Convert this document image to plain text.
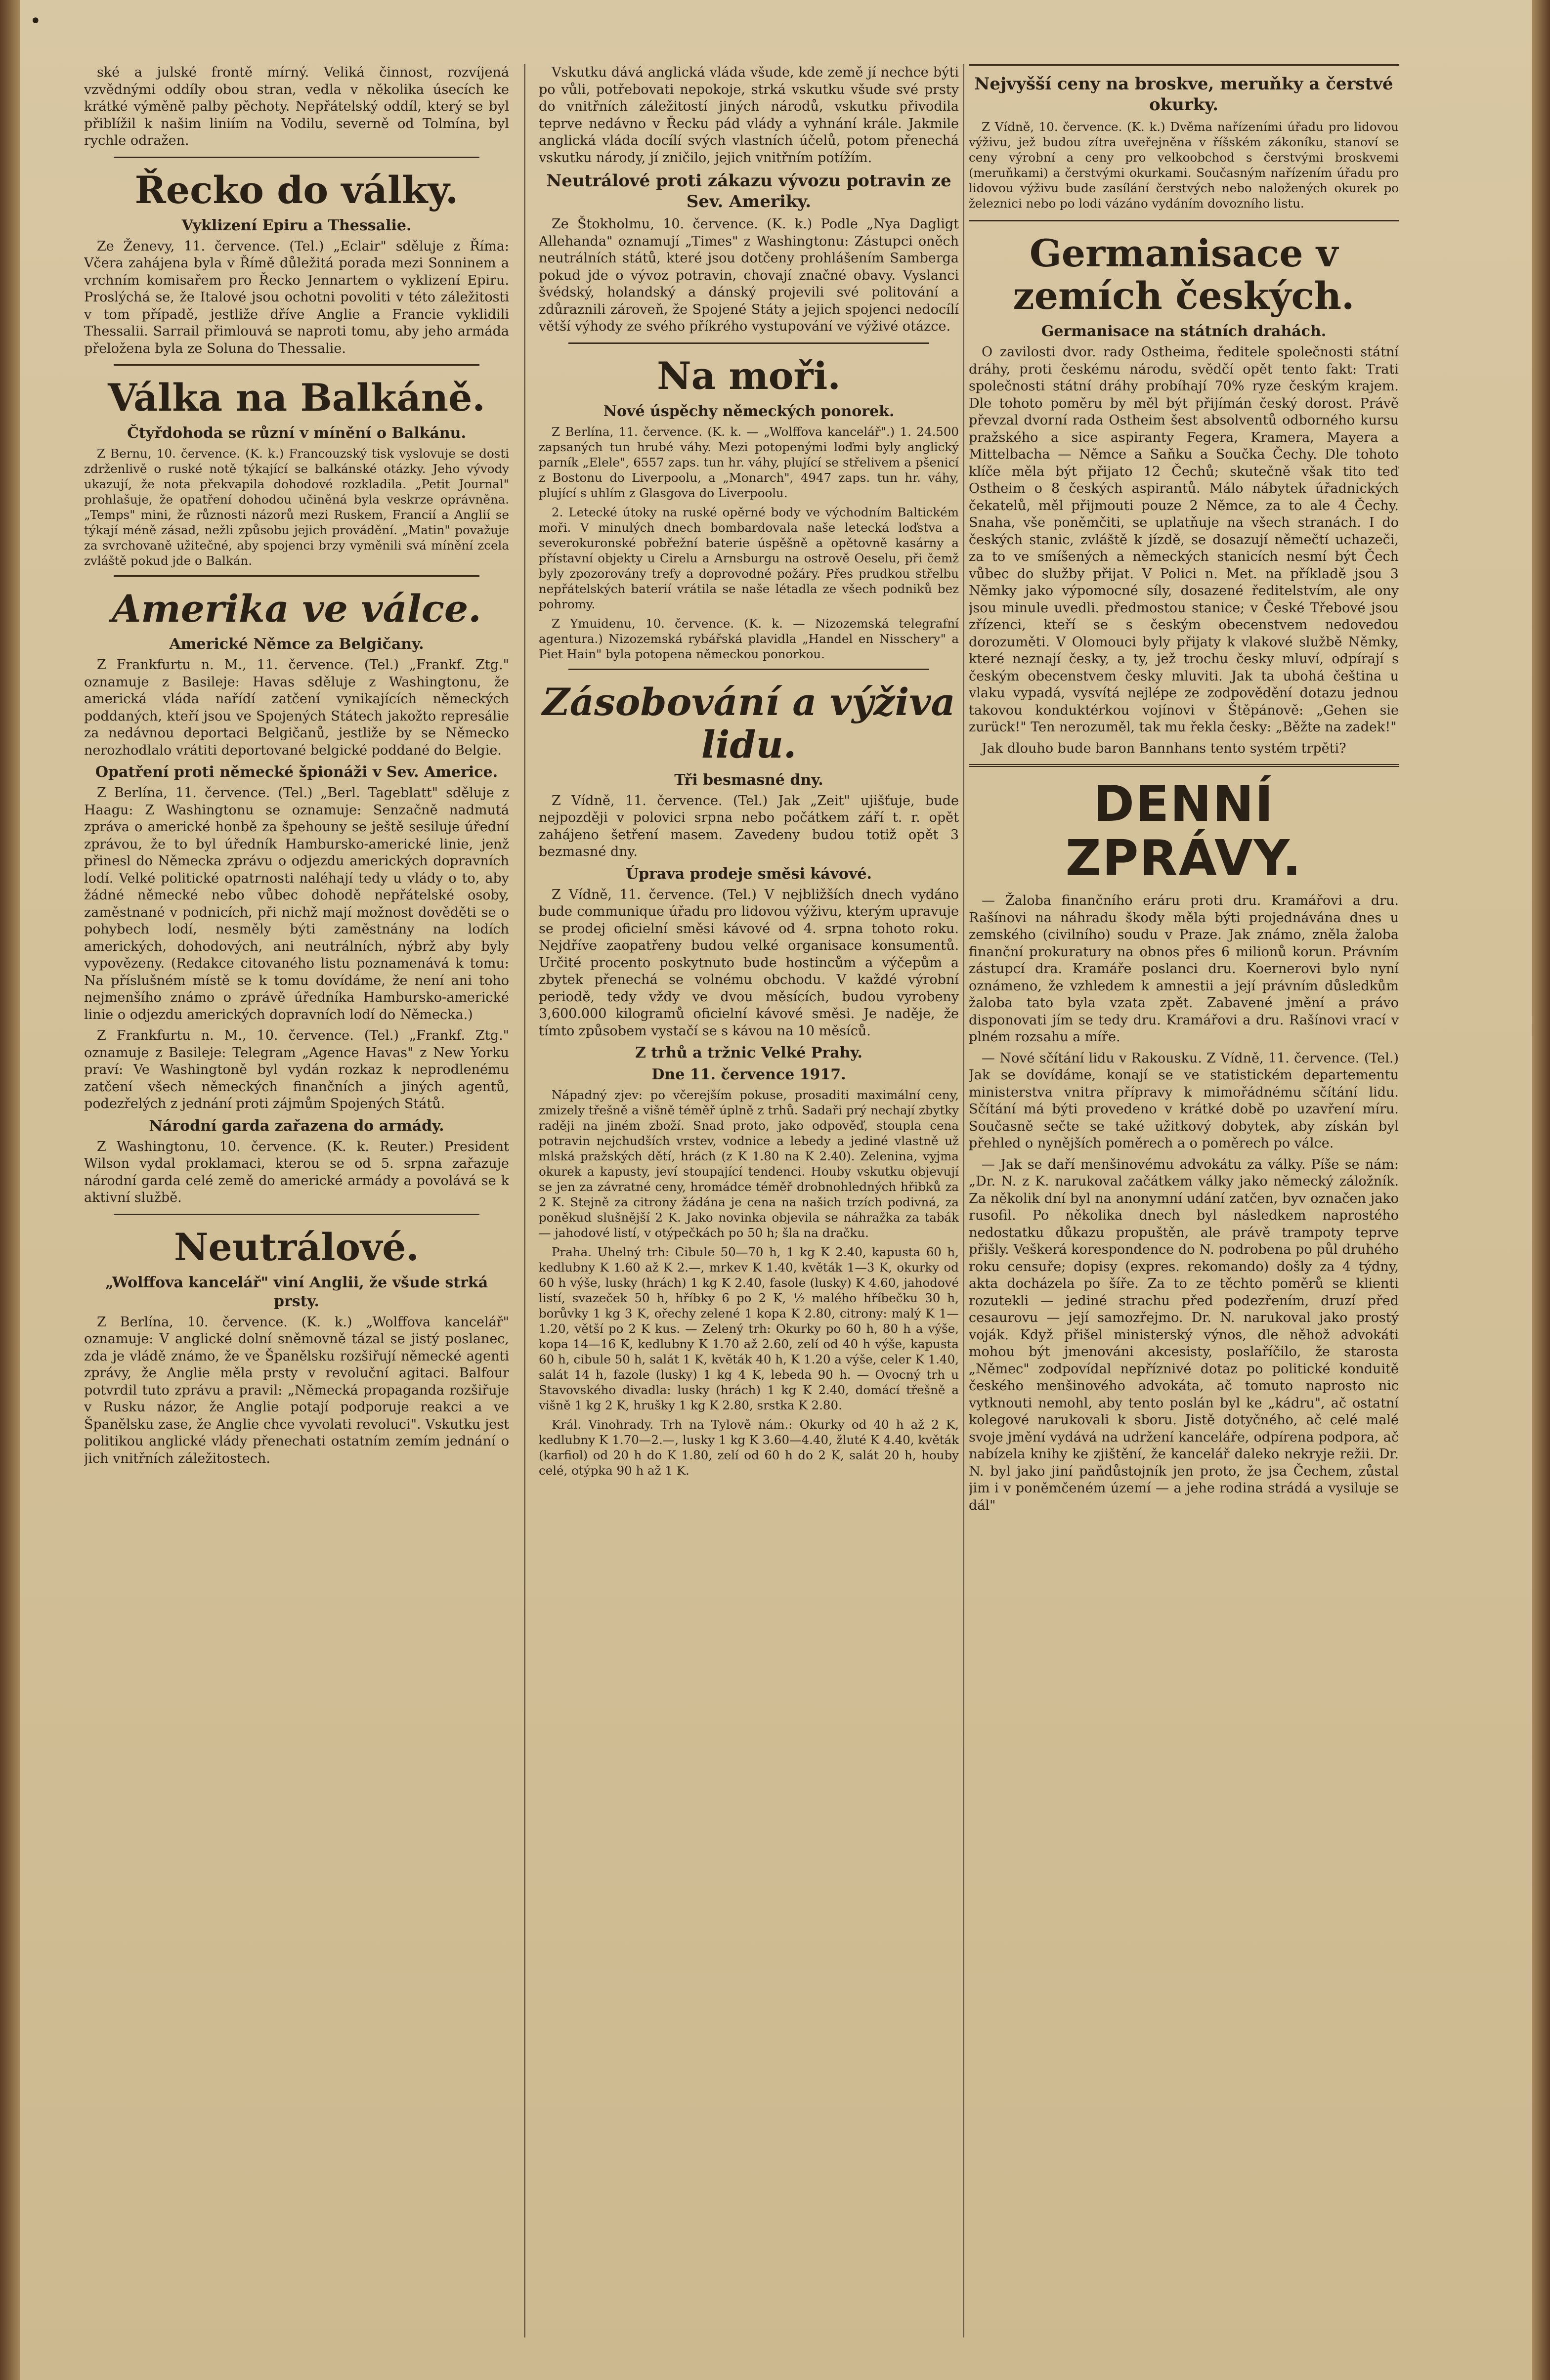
•

ské a julské frontě mírný. Veliká činnost, rozvíjená vzvědnými oddíly obou stran, vedla v několika úsecích ke krátké výměně palby pěchoty. Nepřátelský oddíl, který se byl přiblížil k našim liniím na Vodilu, severně od Tolmína, byl rychle odražen.

Řecko do války.
Vyklizení Epiru a Thessalie.

Ze Ženevy, 11. července. (Tel.) „Eclair" sděluje z Říma: Včera zahájena byla v Římě důležitá porada mezi Sonninem a vrchním komisařem pro Řecko Jennartem o vyklizení Epiru. Proslýchá se, že Italové jsou ochotni povoliti v této záležitosti v tom případě, jestliže dříve Anglie a Francie vyklidili Thessalii. Sarrail přimlouvá se naproti tomu, aby jeho armáda přeložena byla ze Soluna do Thessalie.

Válka na Balkáně.
Čtyřdohoda se různí v mínění o Balkánu.

Z Bernu, 10. července. (K. k.) Francouzský tisk vyslovuje se dosti zdrženlivě o ruské notě týkající se balkánské otázky. Jeho vývody ukazují, že nota překvapila dohodové rozkladila. „Petit Journal" prohlašuje, že opatření dohodou učiněná byla veskrze oprávněna. „Temps" mini, že různosti názorů mezi Ruskem, Francií a Anglií se týkají méně zásad, nežli způsobu jejich provádění. „Matin" považuje za svrchovaně užitečné, aby spojenci brzy vyměnili svá mínění zcela zvláště pokud jde o Balkán.

Amerika ve válce.
Americké Němce za Belgičany.

Z Frankfurtu n. M., 11. července. (Tel.) „Frankf. Ztg." oznamuje z Basileje: Havas sděluje z Washingtonu, že americká vláda nařídí zatčení vynikajících německých poddaných, kteří jsou ve Spojených Státech jakožto represálie za nedávnou deportaci Belgičanů, jestliže by se Německo nerozhodlalo vrátiti deportované belgické poddané do Belgie.

Opatření proti německé špionáži v Sev. Americe.

Z Berlína, 11. července. (Tel.) „Berl. Tageblatt" sděluje z Haagu: Z Washingtonu se oznamuje: Senzačně nadmutá zpráva o americké honbě za špehouny se ještě sesiluje úřední zprávou, že to byl úředník Hambursko-americké linie, jenž přinesl do Německa zprávu o odjezdu amerických dopravních lodí. Velké politické opatrnosti naléhají tedy u vlády o to, aby žádné německé nebo vůbec dohodě nepřátelské osoby, zaměstnané v podnicích, při nichž mají možnost dověděti se o pohybech lodí, nesměly býti zaměstnány na lodích amerických, dohodových, ani neutrálních, nýbrž aby byly vypovězeny. (Redakce citovaného listu poznamenává k tomu: Na příslušném místě se k tomu dovídáme, že není ani toho nejmenšího známo o zprávě úředníka Hambursko-americké linie o odjezdu amerických dopravních lodí do Německa.)

Z Frankfurtu n. M., 10. července. (Tel.) „Frankf. Ztg." oznamuje z Basileje: Telegram „Agence Havas" z New Yorku praví: Ve Washingtoně byl vydán rozkaz k neprodlenému zatčení všech německých finančních a jiných agentů, podezřelých z jednání proti zájmům Spojených Států.

Národní garda zařazena do armády.

Z Washingtonu, 10. července. (K. k. Reuter.) President Wilson vydal proklamaci, kterou se od 5. srpna zařazuje národní garda celé země do americké armády a povolává se k aktivní službě.

Neutrálové.
„Wolffova kancelář" viní Anglii, že všude strká prsty.

Z Berlína, 10. července. (K. k.) „Wolffova kancelář" oznamuje: V anglické dolní sněmovně tázal se jistý poslanec, zda je vládě známo, že ve Španělsku rozšiřují německé agenti zprávy, že Anglie měla prsty v revoluční agitaci. Balfour potvrdil tuto zprávu a pravil: „Německá propaganda rozšiřuje v Rusku názor, že Anglie potají podporuje reakci a ve Španělsku zase, že Anglie chce vyvolati revoluci". Vskutku jest politikou anglické vlády přenechati ostatním zemím jednání o jich vnitřních záležitostech.

Vskutku dává anglická vláda všude, kde země jí nechce býti po vůli, potřebovati nepokoje, strká vskutku všude své prsty do vnitřních záležitostí jiných národů, vskutku přivodila teprve nedávno v Řecku pád vlády a vyhnání krále. Jakmile anglická vláda docílí svých vlastních účelů, potom přenechá vskutku národy, jí zničilo, jejich vnitřním potížím.

Neutrálové proti zákazu vývozu potravin ze Sev. Ameriky.

Ze Štokholmu, 10. července. (K. k.) Podle „Nya Dagligt Allehanda" oznamují „Times" z Washingtonu: Zástupci oněch neutrálních států, které jsou dotčeny prohlášením Samberga pokud jde o vývoz potravin, chovají značné obavy. Vyslanci švédský, holandský a dánský projevili své politování a zdůraznili zároveň, že Spojené Státy a jejich spojenci nedocílí větší výhody ze svého příkrého vystupování ve výživé otázce.

Na moři.
Nové úspěchy německých ponorek.

Z Berlína, 11. července. (K. k. — „Wolffova kancelář".) 1. 24.500 zapsaných tun hrubé váhy. Mezi potopenými loďmi byly anglický parník „Elele", 6557 zaps. tun hr. váhy, plující se střelivem a pšenicí z Bostonu do Liverpoolu, a „Monarch", 4947 zaps. tun hr. váhy, plující s uhlím z Glasgova do Liverpoolu.

2. Letecké útoky na ruské opěrné body ve východním Baltickém moři. V minulých dnech bombardovala naše letecká loďstva a severokuronské pobřežní baterie úspěšně a opětovně kasárny a přístavní objekty u Cirelu a Arnsburgu na ostrově Oeselu, při čemž byly zpozorovány trefy a doprovodné požáry. Přes prudkou střelbu nepřátelských baterií vrátila se naše létadla ze všech podniků bez pohromy.

Z Ymuidenu, 10. července. (K. k. — Nizozemská telegrafní agentura.) Nizozemská rybářská plavidla „Handel en Nisschery" a Piet Hain" byla potopena německou ponorkou.

Zásobování a výživa lidu.
Tři besmasné dny.

Z Vídně, 11. července. (Tel.) Jak „Zeit" ujišťuje, bude nejpozději v polovici srpna nebo počátkem září t. r. opět zahájeno šetření masem. Zavedeny budou totiž opět 3 bezmasné dny.

Úprava prodeje směsi kávové.

Z Vídně, 11. července. (Tel.) V nejbližších dnech vydáno bude communique úřadu pro lidovou výživu, kterým upravuje se prodej oficielní směsi kávové od 4. srpna tohoto roku. Nejdříve zaopatřeny budou velké organisace konsumentů. Určité procento poskytnuto bude hostincům a výčepům a zbytek přenechá se volnému obchodu. V každé výrobní periodě, tedy vždy ve dvou měsících, budou vyrobeny 3,600.000 kilogramů oficielní kávové směsi. Je naděje, že tímto způsobem vystačí se s kávou na 10 měsíců.

Z trhů a tržnic Velké Prahy.
Dne 11. července 1917.

Nápadný zjev: po včerejším pokuse, prosaditi maximální ceny, zmizely třešně a višně téměř úplně z trhů. Sadaři prý nechají zbytky raději na jiném zboží. Snad proto, jako odpověď, stoupla cena potravin nejchudších vrstev, vodnice a lebedy a jediné vlastně už mlská pražských dětí, hrách (z K 1.80 na K 2.40). Zelenina, vyjma okurek a kapusty, jeví stoupající tendenci. Houby vskutku objevují se jen za závratné ceny, hromádce téměř drobnohledných hřibků za 2 K. Stejně za citrony žádána je cena na našich trzích podivná, za poněkud slušnější 2 K. Jako novinka objevila se náhražka za tabák — jahodové listí, v otýpečkách po 50 h; šla na dračku.

Praha. Uhelný trh: Cibule 50—70 h, 1 kg K 2.40, kapusta 60 h, kedlubny K 1.60 až K 2.—, mrkev K 1.40, květák 1—3 K, okurky od 60 h výše, lusky (hrách) 1 kg K 2.40, fasole (lusky) K 4.60, jahodové listí, svazeček 50 h, hříbky 6 po 2 K, ½ malého hříbečku 30 h, borůvky 1 kg 3 K, ořechy zelené 1 kopa K 2.80, citrony: malý K 1—1.20, větší po 2 K kus. — Zelený trh: Okurky po 60 h, 80 h a výše, kopa 14—16 K, kedlubny K 1.70 až 2.60, zelí od 40 h výše, kapusta 60 h, cibule 50 h, salát 1 K, květák 40 h, K 1.20 a výše, celer K 1.40, salát 14 h, fazole (lusky) 1 kg 4 K, lebeda 90 h. — Ovocný trh u Stavovského divadla: lusky (hrách) 1 kg K 2.40, domácí třešně a višně 1 kg 2 K, hrušky 1 kg K 2.80, srstka K 2.80.

Král. Vinohrady. Trh na Tylově nám.: Okurky od 40 h až 2 K, kedlubny K 1.70—2.—, lusky 1 kg K 3.60—4.40, žluté K 4.40, květák (karfiol) od 20 h do K 1.80, zelí od 60 h do 2 K, salát 20 h, houby celé, otýpka 90 h až 1 K.

Nejvyšší ceny na broskve, meruňky a čerstvé okurky.

Z Vídně, 10. července. (K. k.) Dvěma nařízeními úřadu pro lidovou výživu, jež budou zítra uveřejněna v říšském zákoníku, stanoví se ceny výrobní a ceny pro velkoobchod s čerstvými broskvemi (meruňkami) a čerstvými okurkami. Současným nařízením úřadu pro lidovou výživu bude zasílání čerstvých nebo naložených okurek po železnici nebo po lodi vázáno vydáním dovozního listu.

Germanisace v zemích českých.
Germanisace na státních drahách.

O zavilosti dvor. rady Ostheima, ředitele společnosti státní dráhy, proti českému národu, svědčí opět tento fakt: Trati společnosti státní dráhy probíhají 70% ryze českým krajem. Dle tohoto poměru by měl být přijímán český dorost. Právě převzal dvorní rada Ostheim šest absolventů odborného kursu pražského a sice aspiranty Fegera, Kramera, Mayera a Mittelbacha — Němce a Saňku a Součka Čechy. Dle tohoto klíče měla být přijato 12 Čechů; skutečně však tito teď Ostheim o 8 českých aspirantů. Málo nábytek úřadnických čekatelů, měl přijmouti pouze 2 Němce, za to ale 4 Čechy. Snaha, vše poněmčiti, se uplatňuje na všech stranách. I do českých stanic, zvláště k jízdě, se dosazují němečtí uchazeči, za to ve smíšených a německých stanicích nesmí být Čech vůbec do služby přijat. V Polici n. Met. na příkladě jsou 3 Němky jako výpomocné síly, dosazené ředitelstvím, ale ony jsou minule uvedli. předmostou stanice; v České Třebové jsou zřízenci, kteří se s českým obecenstvem nedovedou dorozuměti. V Olomouci byly přijaty k vlakové službě Němky, které neznají česky, a ty, jež trochu česky mluví, odpírají s českým obecenstvem česky mluviti. Jak ta ubohá čeština u vlaku vypadá, vysvítá nejlépe ze zodpovědění dotazu jednou takovou konduktérkou vojínovi v Štěpánově: „Gehen sie zurück!" Ten nerozuměl, tak mu řekla česky: „Běžte na zadek!"

Jak dlouho bude baron Bannhans tento systém trpěti?

DENNÍ ZPRÁVY.

— Žaloba finančního eráru proti dru. Kramářovi a dru. Rašínovi na náhradu škody měla býti projednávána dnes u zemského (civilního) soudu v Praze. Jak známo, zněla žaloba finanční prokuratury na obnos přes 6 milionů korun. Právním zástupcí dra. Kramáře poslanci dru. Koernerovi bylo nyní oznámeno, že vzhledem k amnestii a její právním důsledkům žaloba tato byla vzata zpět. Zabavené jmění a právo disponovati jím se tedy dru. Kramářovi a dru. Rašínovi vrací v plném rozsahu a míře.

— Nové sčítání lidu v Rakousku. Z Vídně, 11. července. (Tel.) Jak se dovídáme, konají se ve statistickém departementu ministerstva vnitra přípravy k mimořádnému sčítání lidu. Sčítání má býti provedeno v krátké době po uzavření míru. Současně sečte se také užitkový dobytek, aby získán byl přehled o nynějších poměrech a o poměrech po válce.

— Jak se daří menšinovému advokátu za války. Píše se nám: „Dr. N. z K. narukoval začátkem války jako německý záložník. Za několik dní byl na anonymní udání zatčen, byv označen jako rusofil. Po několika dnech byl následkem naprostého nedostatku důkazu propuštěn, ale právě trampoty teprve přišly. Veškerá korespondence do N. podrobena po půl druhého roku censuře; dopisy (expres. rekomando) došly za 4 týdny, akta docházela po šíře. Za to ze těchto poměrů se klienti rozutekli — jediné strachu před podezřením, druzí před cesaurovu — její samozřejmo. Dr. N. narukoval jako prostý voják. Když přišel ministerský výnos, dle něhož advokáti mohou být jmenováni akcesisty, poslaříčilo, že starosta „Němec" zodpovídal nepříznivé dotaz po politické konduitě českého menšinového advokáta, ač tomuto naprosto nic vytknouti nemohl, aby tento poslán byl ke „kádru", ač ostatní kolegové narukovali k sboru. Jistě dotyčného, ač celé malé svoje jmění vydává na udržení kanceláře, odpírena podpora, ač nabízela knihy ke zjištění, že kancelář daleko nekryje režii. Dr. N. byl jako jiní paňdůstojník jen proto, že jsa Čechem, zůstal jim i v poněmčeném území — a jehe rodina strádá a vysiluje se dál"
